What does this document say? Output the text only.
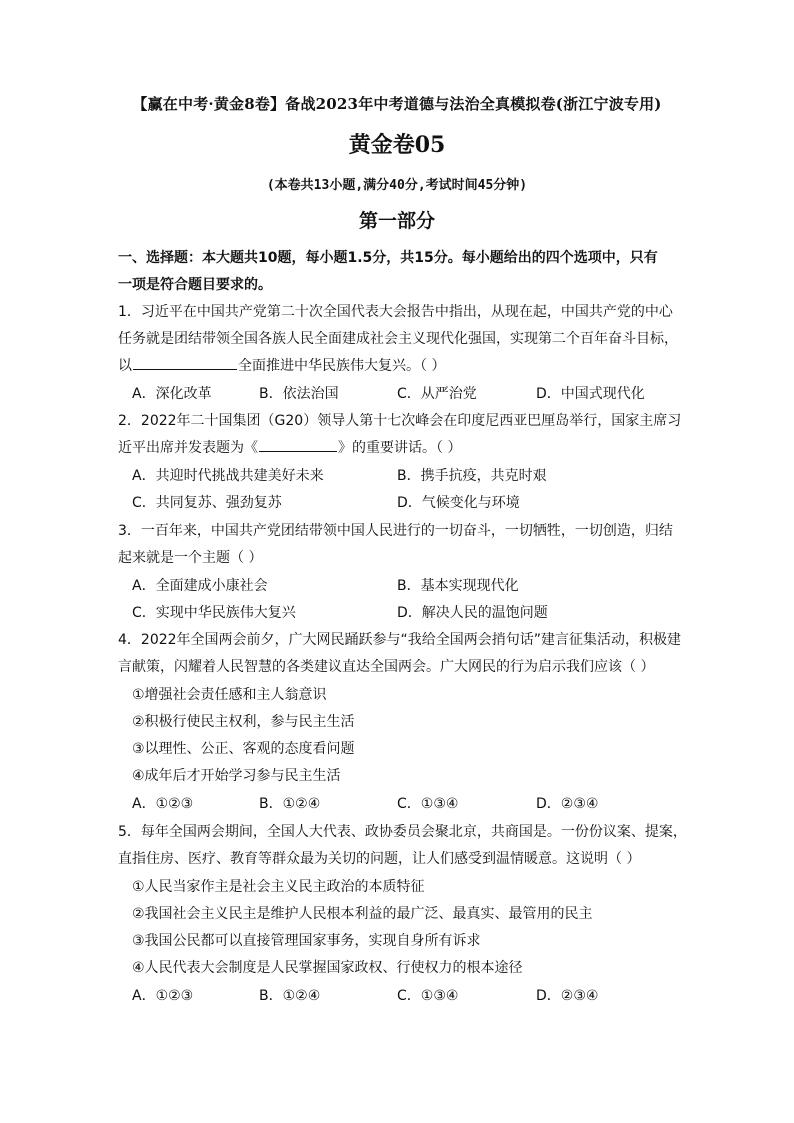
【赢在中考·黄金8卷】备战2023年中考道德与法治全真模拟卷(浙江宁波专用)
黄金卷05
(本卷共13小题,满分40分,考试时间45分钟)
第一部分
一、选择题：本大题共10题，每小题1.5分，共15分。每小题给出的四个选项中，只有
一项是符合题目要求的。
1．习近平在中国共产党第二十次全国代表大会报告中指出，从现在起，中国共产党的中心
任务就是团结带领全国各族人民全面建成社会主义现代化强国，实现第二个百年奋斗目标，
以	全面推进中华民族伟大复兴。（ ）
A．深化改革	B．依法治国	C．从严治党	D．中国式现代化
2．2022年二十国集团（G20）领导人第十七次峰会在印度尼西亚巴厘岛举行，国家主席习
近平出席并发表题为《	》的重要讲话。（ ）
A．共迎时代挑战共建美好未来	B．携手抗疫，共克时艰
C．共同复苏、强劲复苏	D．气候变化与环境
3．一百年来，中国共产党团结带领中国人民进行的一切奋斗，一切牺牲，一切创造，归结
起来就是一个主题（ ）
A．全面建成小康社会	B．基本实现现代化
C．实现中华民族伟大复兴	D．解决人民的温饱问题
4．2022年全国两会前夕，广大网民踊跃参与“我给全国两会捎句话”建言征集活动，积极建
言献策，闪耀着人民智慧的各类建议直达全国两会。广大网民的行为启示我们应该（ ）
①增强社会责任感和主人翁意识
②积极行使民主权利，参与民主生活
③以理性、公正、客观的态度看问题
④成年后才开始学习参与民主生活
A．①②③	B．①②④	C．①③④	D．②③④
5．每年全国两会期间，全国人大代表、政协委员会聚北京，共商国是。一份份议案、提案，
直指住房、医疗、教育等群众最为关切的问题，让人们感受到温情暖意。这说明（ ）
①人民当家作主是社会主义民主政治的本质特征
②我国社会主义民主是维护人民根本利益的最广泛、最真实、最管用的民主
③我国公民都可以直接管理国家事务，实现自身所有诉求
④人民代表大会制度是人民掌握国家政权、行使权力的根本途径
A．①②③	B．①②④	C．①③④	D．②③④
